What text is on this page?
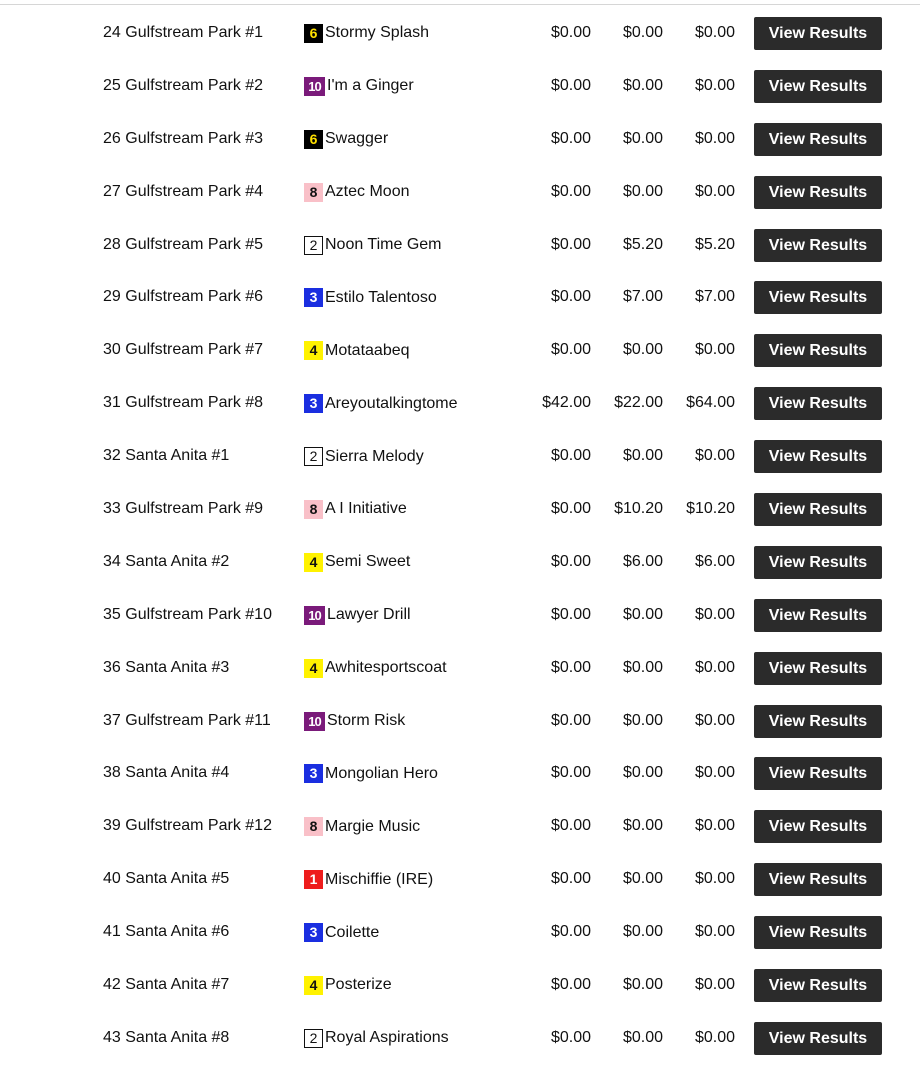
24 Gulfstream Park #1	6 Stormy Splash	$0.00	$0.00	$0.00	View Results
25 Gulfstream Park #2	10 I'm a Ginger	$0.00	$0.00	$0.00	View Results
26 Gulfstream Park #3	6 Swagger	$0.00	$0.00	$0.00	View Results
27 Gulfstream Park #4	8 Aztec Moon	$0.00	$0.00	$0.00	View Results
28 Gulfstream Park #5	2 Noon Time Gem	$0.00	$5.20	$5.20	View Results
29 Gulfstream Park #6	3 Estilo Talentoso	$0.00	$7.00	$7.00	View Results
30 Gulfstream Park #7	4 Motataabeq	$0.00	$0.00	$0.00	View Results
31 Gulfstream Park #8	3 Areyoutalkingtome	$42.00	$22.00	$64.00	View Results
32 Santa Anita #1	2 Sierra Melody	$0.00	$0.00	$0.00	View Results
33 Gulfstream Park #9	8 A I Initiative	$0.00	$10.20	$10.20	View Results
34 Santa Anita #2	4 Semi Sweet	$0.00	$6.00	$6.00	View Results
35 Gulfstream Park #10	10 Lawyer Drill	$0.00	$0.00	$0.00	View Results
36 Santa Anita #3	4 Awhitesportscoat	$0.00	$0.00	$0.00	View Results
37 Gulfstream Park #11	10 Storm Risk	$0.00	$0.00	$0.00	View Results
38 Santa Anita #4	3 Mongolian Hero	$0.00	$0.00	$0.00	View Results
39 Gulfstream Park #12	8 Margie Music	$0.00	$0.00	$0.00	View Results
40 Santa Anita #5	1 Mischiffie (IRE)	$0.00	$0.00	$0.00	View Results
41 Santa Anita #6	3 Coilette	$0.00	$0.00	$0.00	View Results
42 Santa Anita #7	4 Posterize	$0.00	$0.00	$0.00	View Results
43 Santa Anita #8	2 Royal Aspirations	$0.00	$0.00	$0.00	View Results
